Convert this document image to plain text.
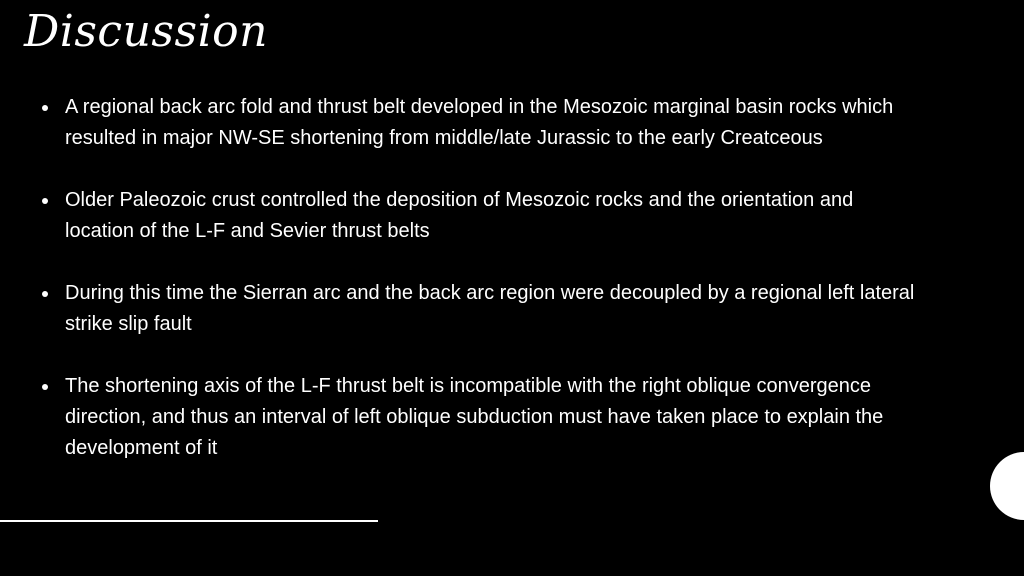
Discussion
A regional back arc fold and thrust belt developed in the Mesozoic marginal basin rocks which resulted in major NW-SE shortening from middle/late Jurassic to the early Creatceous
Older Paleozoic crust controlled the deposition of Mesozoic rocks and the orientation and location of the L-F and Sevier thrust belts
During this time the Sierran arc and the back arc region were decoupled by a regional left lateral strike slip fault
The shortening axis of the L-F thrust belt is incompatible with the right oblique convergence direction, and thus an interval of left oblique subduction must have taken place to explain the development of it
